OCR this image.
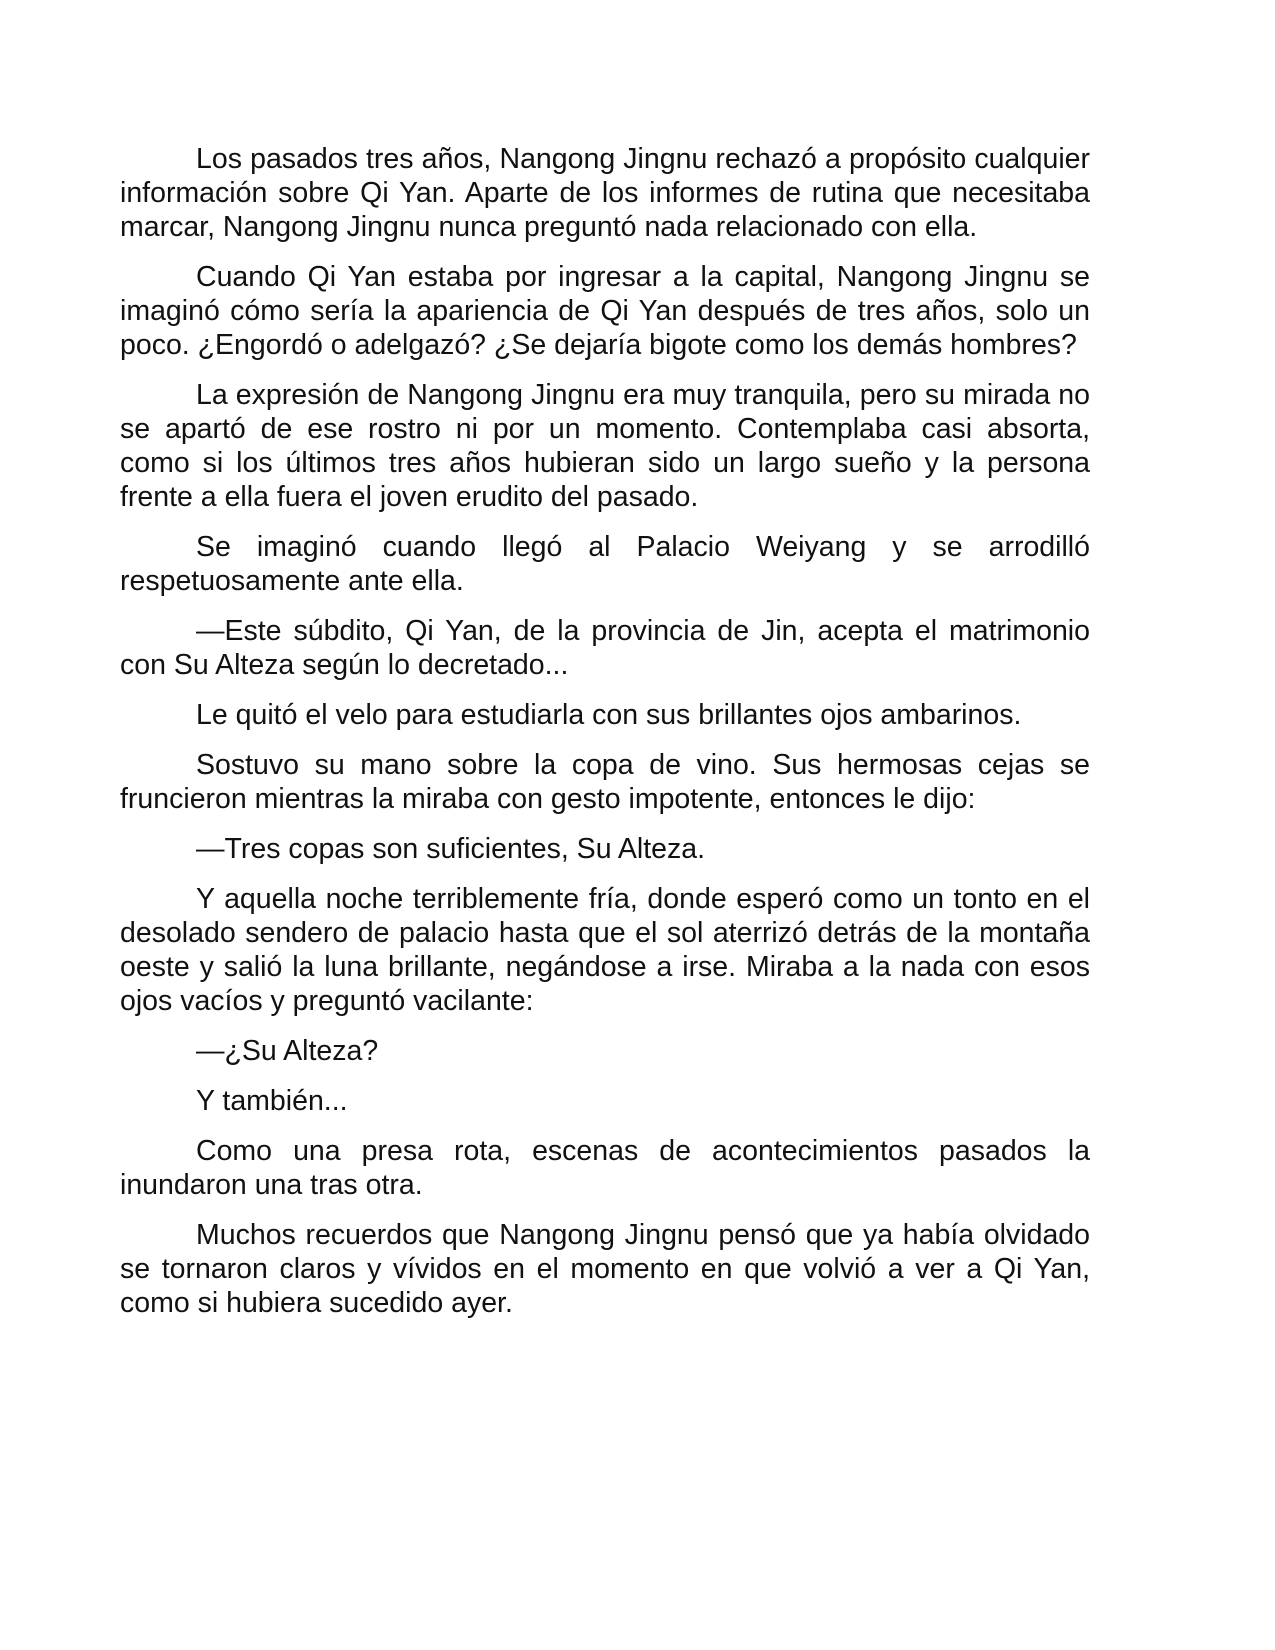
Los pasados tres años, Nangong Jingnu rechazó a propósito cualquier información sobre Qi Yan. Aparte de los informes de rutina que necesitaba marcar, Nangong Jingnu nunca preguntó nada relacionado con ella.

Cuando Qi Yan estaba por ingresar a la capital, Nangong Jingnu se imaginó cómo sería la apariencia de Qi Yan después de tres años, solo un poco. ¿Engordó o adelgazó? ¿Se dejaría bigote como los demás hombres?

La expresión de Nangong Jingnu era muy tranquila, pero su mirada no se apartó de ese rostro ni por un momento. Contemplaba casi absorta, como si los últimos tres años hubieran sido un largo sueño y la persona frente a ella fuera el joven erudito del pasado.

Se imaginó cuando llegó al Palacio Weiyang y se arrodilló respetuosamente ante ella.

—Este súbdito, Qi Yan, de la provincia de Jin, acepta el matrimonio con Su Alteza según lo decretado...

Le quitó el velo para estudiarla con sus brillantes ojos ambarinos.

Sostuvo su mano sobre la copa de vino. Sus hermosas cejas se fruncieron mientras la miraba con gesto impotente, entonces le dijo:

—Tres copas son suficientes, Su Alteza.

Y aquella noche terriblemente fría, donde esperó como un tonto en el desolado sendero de palacio hasta que el sol aterrizó detrás de la montaña oeste y salió la luna brillante, negándose a irse. Miraba a la nada con esos ojos vacíos y preguntó vacilante:

—¿Su Alteza?

Y también...

Como una presa rota, escenas de acontecimientos pasados la inundaron una tras otra.

Muchos recuerdos que Nangong Jingnu pensó que ya había olvidado se tornaron claros y vívidos en el momento en que volvió a ver a Qi Yan, como si hubiera sucedido ayer.
